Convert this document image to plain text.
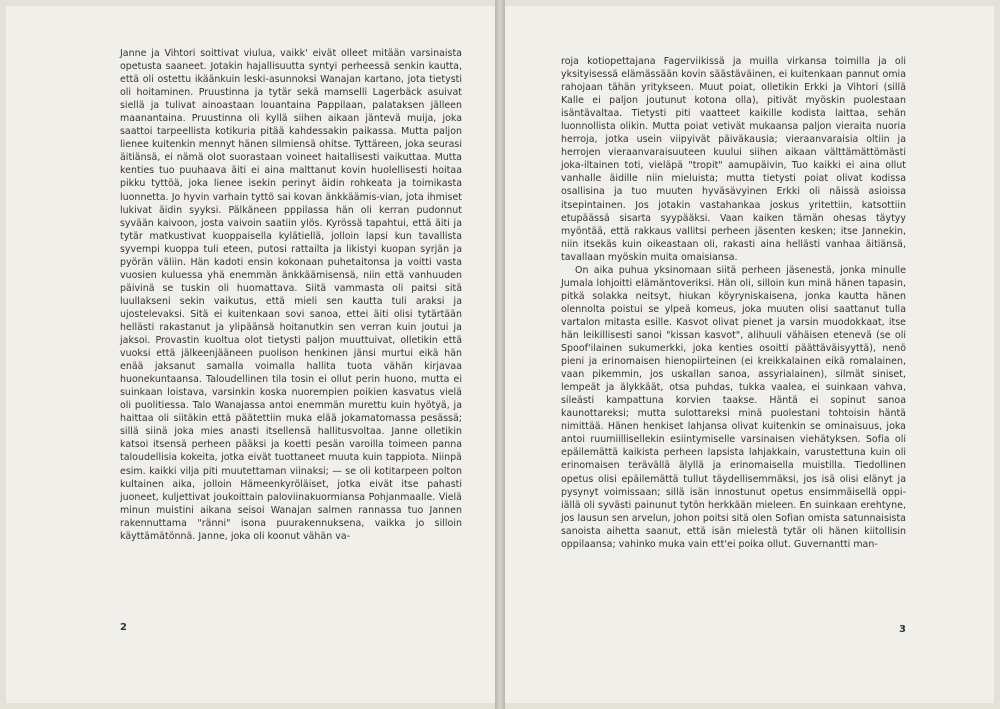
Janne ja Vihtori soittivat viulua, vaikk' eivät olleet mitään varsinaista opetusta saaneet. Jotakin hajallisuutta syntyi perheessä senkin kautta, että oli ostettu ikäänkuin leski-asunnoksi Wanajan kartano, jota tietysti oli hoitaminen. Pruustinna ja tytär sekä mamselli Lagerbäck asuivat siellä ja tulivat ainoastaan louantaina Pappilaan, palataksen jälleen maanantaina. Pruustinna oli kyllä siihen aikaan jäntevä muija, joka saattoi tarpeellista kotikuria pitää kahdessakin paikassa. Mutta paljon lienee kuitenkin mennyt hänen silmiensä ohitse. Tyttäreen, joka seurasi äitiänsä, ei nämä olot suorastaan voineet haitallisesti vaikuttaa. Mutta kenties tuo puuhaava äiti ei aina malttanut kovin huolellisesti hoitaa pikku tyttöä, joka lienee isekin perinyt äidin rohkeata ja toimikasta luonnetta. Jo hyvin varhain tyttö sai kovan änkkäämis-vian, jota ihmiset lukivat äidin syyksi. Pälkäneen pppilassa hän oli kerran pudonnut syvään kaivoon, josta vaivoin saatiin ylös. Kyrössä tapahtui, että äiti ja tytär matkustivat kuoppaisella kylätiellä, jolloin lapsi kun tavallista syvempi kuoppa tuli eteen, putosi rattailta ja likistyi kuopan syrjän ja pyörän väliin. Hän kadoti ensin kokonaan puhetaitonsa ja voitti vasta vuosien kuluessa yhä enemmän änkkäämisensä, niin että vanhuuden päivinä se tuskin oli huomattava. Siitä vammasta oli paitsi sitä luullakseni sekin vaikutus, että mieli sen kautta tuli araksi ja ujostelevaksi. Sitä ei kuitenkaan sovi sanoa, ettei äiti olisi tytärtään hellästi rakastanut ja ylipäänsä hoitanutkin sen verran kuin joutui ja jaksoi. Provastin kuoltua olot tietysti paljon muuttuivat, olletikin että vuoksi että jälkeenjääneen puolison henkinen jänsi murtui eikä hän enää jaksanut samalla voimalla hallita tuota vähän kirjavaa huonekuntaansa. Taloudellinen tila tosin ei ollut perin huono, mutta ei suinkaan loistava, varsinkin koska nuorempien poikien kasvatus vielä oli puolitiessa. Talo Wanajassa antoi enemmän murettu kuin hyötyä, ja haittaa oli siitäkin että päätettiin muka elää jokamatomassa pesässä; sillä siinä joka mies anasti itsellensä hallitusvoltaa. Janne olletikin katsoi itsensä perheen pääksi ja koetti pesän varoilla toimeen panna taloudellisia kokeita, jotka eivät tuottaneet muuta kuin tappiota. Niinpä esim. kaikki vilja piti muutettaman viinaksi; — se oli kotitarpeen polton kultainen aika, jolloin Hämeenkyröläiset, jotka eivät itse pahasti juoneet, kuljettivat joukoittain paloviinakuormiansa Pohjanmaalle. Vielä minun muistini aikana seisoi Wanajan salmen rannassa tuo Jannen rakennuttama "ränni" isona puurakennuksena, vaikka jo silloin käyttämätönnä. Janne, joka oli koonut vähän va-

2

roja kotiopettajana Fagerviikissä ja muilla virkansa toimilla ja oli yksityisessä elämässään kovin säästäväinen, ei kuitenkaan pannut omia rahojaan tähän yritykseen. Muut poiat, olletikin Erkki ja Vihtori (sillä Kalle ei paljon joutunut kotona olla), pitivät myöskin puolestaan isäntävaltaa. Tietysti piti vaatteet kaikille kodista laittaa, sehän luonnollista olikin. Mutta poiat vetivät mukaansa paljon vieraita nuoria herroja, jotka usein viipyivät päiväkausia; vieraanvaraisia oltiin ja herrojen vieraanvaraisuuteen kuului siihen aikaan välttämättömästi joka-iltainen toti, vieläpä "tropit" aamupäivin, Tuo kaikki ei aina ollut vanhalle äidille niin mieluista; mutta tietysti poiat olivat kodissa osallisina ja tuo muuten hyväsävyinen Erkki oli näissä asioissa itsepintainen. Jos jotakin vastahankaa joskus yritettiin, katsottiin etupäässä sisarta syypääksi. Vaan kaiken tämän ohesas täytyy myöntää, että rakkaus vallitsi perheen jäsenten kesken; itse Jannekin, niin itsekäs kuin oikeastaan oli, rakasti aina hellästi vanhaa äitiänsä, tavallaan myöskin muita omaisiansa.

On aika puhua yksinomaan siitä perheen jäsenestä, jonka minulle Jumala lohjoitti elämäntoveriksi. Hän oli, silloin kun minä hänen tapasin, pitkä solakka neitsyt, hiukan köyryniskaisena, jonka kautta hänen olennolta poistui se ylpeä komeus, joka muuten olisi saattanut tulla vartalon mitasta esille. Kasvot olivat pienet ja varsin muodokkaat, itse hän leikillisesti sanoi "kissan kasvot", alihuuli vähäisen etenevä (se oli Spoof'ilainen sukumerkki, joka kenties osoitti päättäväisyyttä), nenö pieni ja erinomaisen hienopiirteinen (ei kreikkalainen eikä romalainen, vaan pikemmin, jos uskallan sanoa, assyrialainen), silmät siniset, lempeät ja älykkäät, otsa puhdas, tukka vaalea, ei suinkaan vahva, sileästi kampattuna korvien taakse. Häntä ei sopinut sanoa kaunottareksi; mutta sulottareksi minä puolestani tohtoisin häntä nimittää. Hänen henkiset lahjansa olivat kuitenkin se ominaisuus, joka antoi ruumiillisellekin esiintymiselle varsinaisen viehätyksen. Sofia oli epäilemättä kaikista perheen lapsista lahjakkain, varustettuna kuin oli erinomaisen terävällä älyllä ja erinomaisella muistilla. Tiedollinen opetus olisi epäilemättä tullut täydellisemmäksi, jos isä olisi elänyt ja pysynyt voimissaan; sillä isän innostunut opetus ensimmäisellä oppi-iällä oli syvästi painunut tytön herkkään mieleen. En suinkaan erehtyne, jos lausun sen arvelun, johon poitsi sitä olen Sofian omista satunnaisista sanoista aihetta saanut, että isän mielestä tytär oli hänen kiitollisin oppilaansa; vahinko muka vain ett'ei poika ollut. Guvernantti man-

3
